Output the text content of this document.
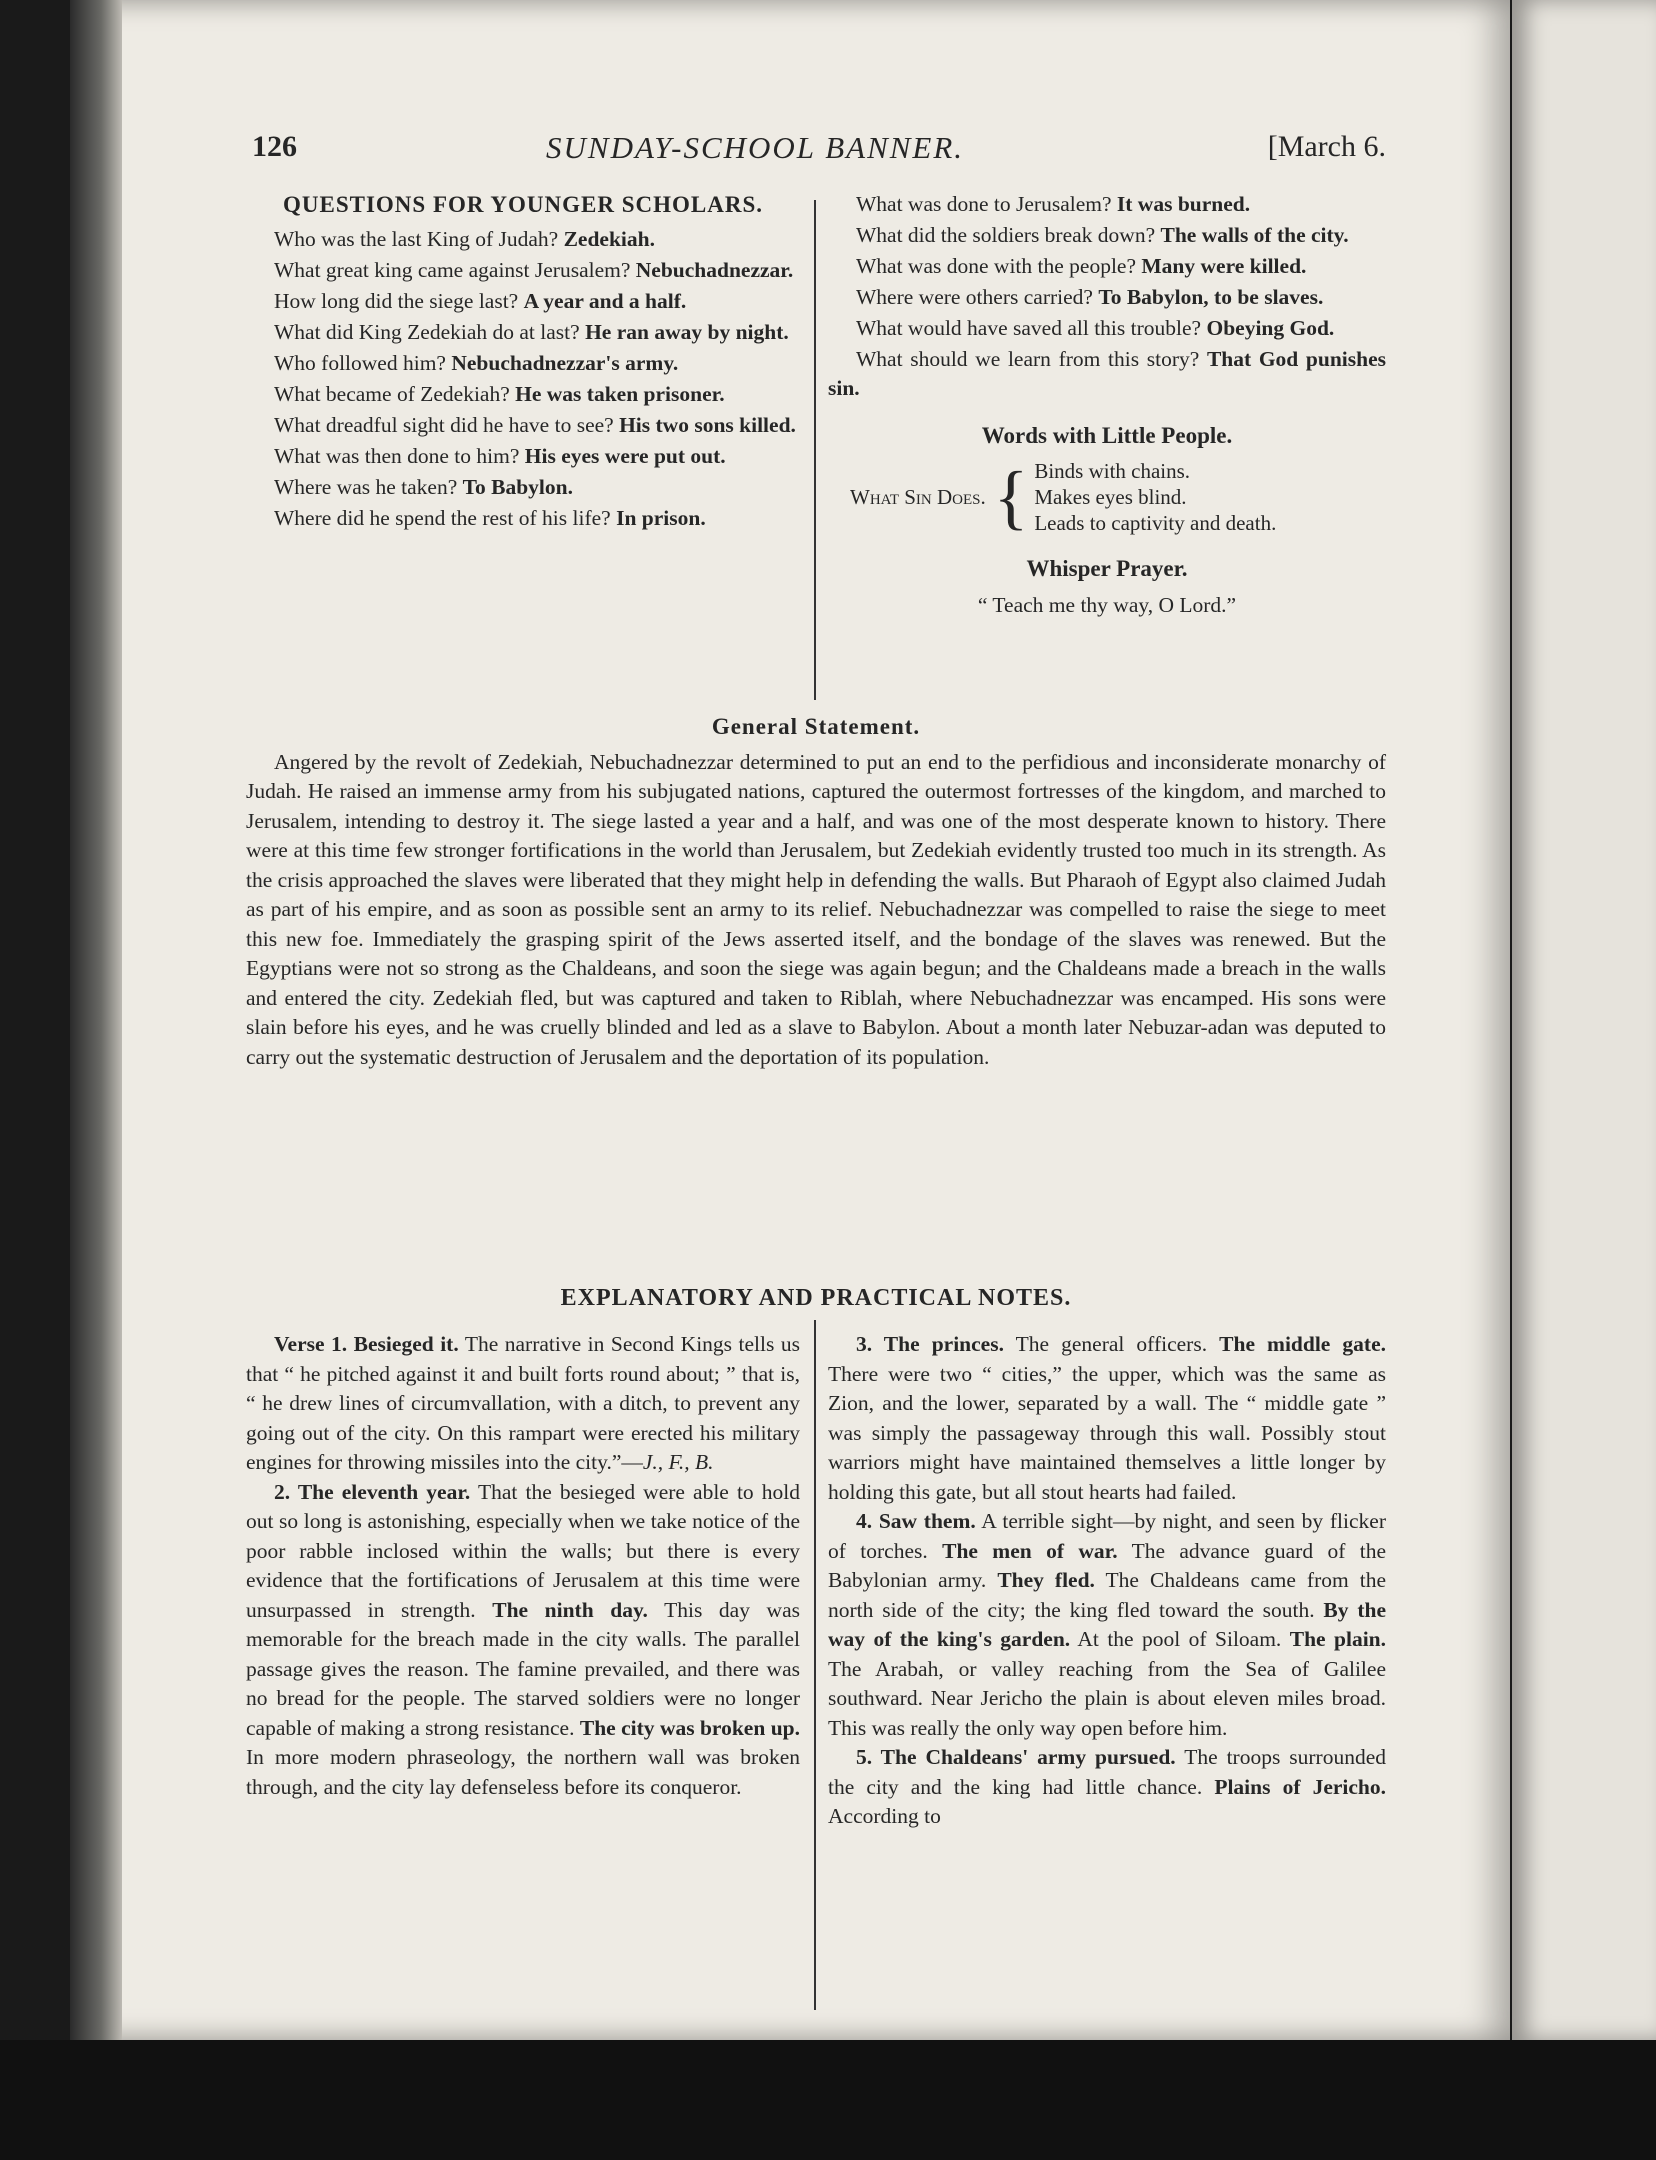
126	SUNDAY-SCHOOL BANNER.	[March 6.
QUESTIONS FOR YOUNGER SCHOLARS.

Who was the last King of Judah? Zedekiah.

What great king came against Jerusalem? Nebuchadnezzar.

How long did the siege last? A year and a half.

What did King Zedekiah do at last? He ran away by night.

Who followed him? Nebuchadnezzar's army.

What became of Zedekiah? He was taken prisoner.

What dreadful sight did he have to see? His two sons killed.

What was then done to him? His eyes were put out.

Where was he taken? To Babylon.

Where did he spend the rest of his life? In prison.

What was done to Jerusalem? It was burned.

What did the soldiers break down? The walls of the city.

What was done with the people? Many were killed.

Where were others carried? To Babylon, to be slaves.

What would have saved all this trouble? Obeying God.

What should we learn from this story? That God punishes sin.

Words with Little People.
What Sin Does. { Binds with chains.
Makes eyes blind.
Leads to captivity and death.
Whisper Prayer.
“ Teach me thy way, O Lord.”
General Statement.

Angered by the revolt of Zedekiah, Nebuchadnezzar determined to put an end to the perfidious and inconsiderate monarchy of Judah. He raised an immense army from his subjugated nations, captured the outermost fortresses of the kingdom, and marched to Jerusalem, intending to destroy it. The siege lasted a year and a half, and was one of the most desperate known to history. There were at this time few stronger fortifications in the world than Jerusalem, but Zedekiah evidently trusted too much in its strength. As the crisis approached the slaves were liberated that they might help in defending the walls. But Pharaoh of Egypt also claimed Judah as part of his empire, and as soon as possible sent an army to its relief. Nebuchadnezzar was compelled to raise the siege to meet this new foe. Immediately the grasping spirit of the Jews asserted itself, and the bondage of the slaves was renewed. But the Egyptians were not so strong as the Chaldeans, and soon the siege was again begun; and the Chaldeans made a breach in the walls and entered the city. Zedekiah fled, but was captured and taken to Riblah, where Nebuchadnezzar was encamped. His sons were slain before his eyes, and he was cruelly blinded and led as a slave to Babylon. About a month later Nebuzar-adan was deputed to carry out the systematic destruction of Jerusalem and the deportation of its population.

EXPLANATORY AND PRACTICAL NOTES.

Verse 1. Besieged it. The narrative in Second Kings tells us that “ he pitched against it and built forts round about; ” that is, “ he drew lines of circumvallation, with a ditch, to prevent any going out of the city. On this rampart were erected his military engines for throwing missiles into the city.”—J., F., B.

2. The eleventh year. That the besieged were able to hold out so long is astonishing, especially when we take notice of the poor rabble inclosed within the walls; but there is every evidence that the fortifications of Jerusalem at this time were unsurpassed in strength. The ninth day. This day was memorable for the breach made in the city walls. The parallel passage gives the reason. The famine prevailed, and there was no bread for the people. The starved soldiers were no longer capable of making a strong resistance. The city was broken up. In more modern phraseology, the northern wall was broken through, and the city lay defenseless before its conqueror.

3. The princes. The general officers. The middle gate. There were two “ cities,” the upper, which was the same as Zion, and the lower, separated by a wall. The “ middle gate ” was simply the passageway through this wall. Possibly stout warriors might have maintained themselves a little longer by holding this gate, but all stout hearts had failed.

4. Saw them. A terrible sight—by night, and seen by flicker of torches. The men of war. The advance guard of the Babylonian army. They fled. The Chaldeans came from the north side of the city; the king fled toward the south. By the way of the king's garden. At the pool of Siloam. The plain. The Arabah, or valley reaching from the Sea of Galilee southward. Near Jericho the plain is about eleven miles broad. This was really the only way open before him.

5. The Chaldeans' army pursued. The troops surrounded the city and the king had little chance. Plains of Jericho. According to
